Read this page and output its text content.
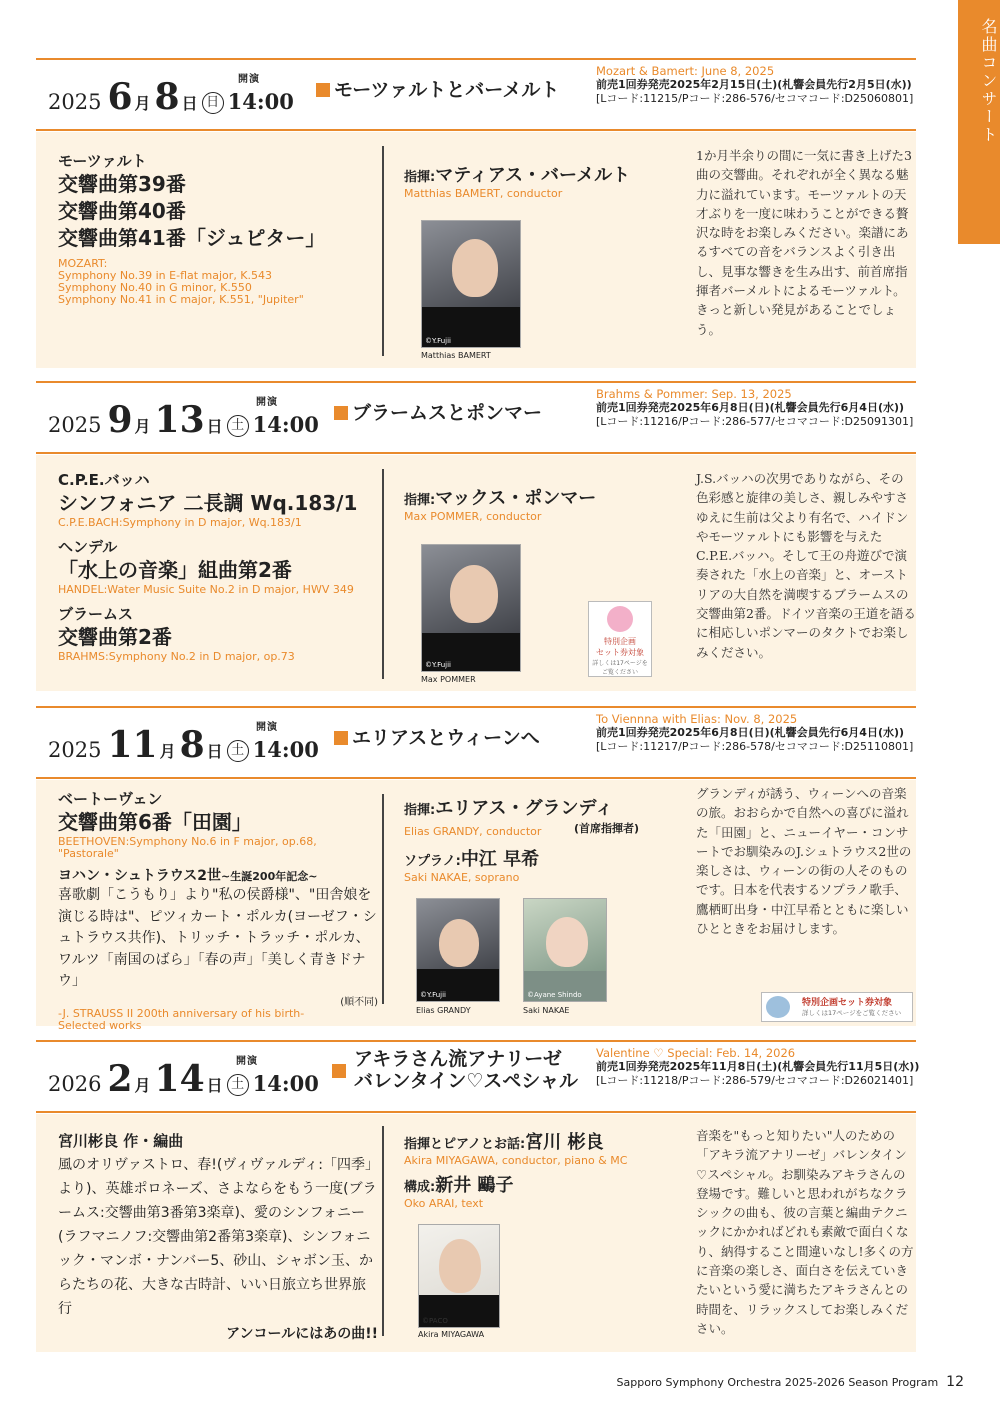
名曲コンサート
2025 6 月 8 日 日 14:00
開演	モーツァルトとバーメルト
Mozart & Bamert: June 8, 2025
前売1回券発売2025年2月15日(土)(札響会員先行2月5日(水))
[Lコード:11215/Pコード:286-576/セコマコード:D25060801]
モーツァルト
交響曲第39番
交響曲第40番
交響曲第41番「ジュピター」
MOZART:
Symphony No.39 in E-flat major, K.543
Symphony No.40 in G minor, K.550
Symphony No.41 in C major, K.551, "Jupiter"
指揮:マティアス・バーメルト
Matthias BAMERT, conductor
©Y.Fujii
Matthias BAMERT
1か月半余りの間に一気に書き上げた3曲の交響曲。それぞれが全く異なる魅力に溢れています。モーツァルトの天才ぶりを一度に味わうことができる贅沢な時をお楽しみください。楽譜にあるすべての音をバランスよく引き出し、見事な響きを生み出す、前首席指揮者バーメルトによるモーツァルト。きっと新しい発見があることでしょう。
2025 9 月 13 日 土 14:00
開演	ブラームスとポンマー
Brahms & Pommer: Sep. 13, 2025
前売1回券発売2025年6月8日(日)(札響会員先行6月4日(水))
[Lコード:11216/Pコード:286-577/セコマコード:D25091301]
C.P.E.バッハ
シンフォニア 二長調 Wq.183/1
C.P.E.BACH:Symphony in D major, Wq.183/1
ヘンデル
「水上の音楽」組曲第2番
HANDEL:Water Music Suite No.2 in D major, HWV 349
ブラームス
交響曲第2番
BRAHMS:Symphony No.2 in D major, op.73
指揮:マックス・ポンマー
Max POMMER, conductor
©Y.Fujii
Max POMMER
特別企画
セット券対象
詳しくは17ページを
ご覧ください
J.S.バッハの次男でありながら、その色彩感と旋律の美しさ、親しみやすさゆえに生前は父より有名で、ハイドンやモーツァルトにも影響を与えたC.P.E.バッハ。そして王の舟遊びで演奏された「水上の音楽」と、オーストリアの大自然を満喫するブラームスの交響曲第2番。ドイツ音楽の王道を語るに相応しいポンマーのタクトでお楽しみください。
2025 11 月 8 日 土 14:00
開演	エリアスとウィーンへ
To Viennna with Elias: Nov. 8, 2025
前売1回券発売2025年6月8日(日)(札響会員先行6月4日(水))
[Lコード:11217/Pコード:286-578/セコマコード:D25110801]
ベートーヴェン
交響曲第6番「田園」
BEETHOVEN:Symphony No.6 in F major, op.68, "Pastorale"
ヨハン・シュトラウス2世~生誕200年記念~
喜歌劇「こうもり」より"私の侯爵様"、"田舎娘を演じる時は"、ピツィカート・ポルカ(ヨーゼフ・シュトラウス共作)、トリッチ・トラッチ・ポルカ、ワルツ「南国のばら」「春の声」「美しく青きドナウ」
(順不同)
-J. STRAUSS II 200th anniversary of his birth-
Selected works
指揮:エリアス・グランディ
Elias GRANDY, conductor	(首席指揮者)
ソプラノ:中江 早希
Saki NAKAE, soprano
©Y.Fujii
Elias GRANDY
©Ayane Shindo
Saki NAKAE
特別企画セット券対象
詳しくは17ページをご覧ください
グランディが誘う、ウィーンへの音楽の旅。おおらかで自然への喜びに溢れた「田園」と、ニューイヤー・コンサートでお馴染みのJ.シュトラウス2世の楽しさは、ウィーンの街の人そのものです。日本を代表するソプラノ歌手、鷹栖町出身・中江早希とともに楽しいひとときをお届けします。
2026 2 月 14 日 土 14:00
開演	アキラさん流アナリーゼ
バレンタイン♡スペシャル
Valentine ♡ Special: Feb. 14, 2026
前売1回券発売2025年11月8日(土)(札響会員先行11月5日(水))
[Lコード:11218/Pコード:286-579/セコマコード:D26021401]
宮川彬良 作・編曲
風のオリヴァストロ、春!(ヴィヴァルディ:「四季」より)、英雄ポロネーズ、さよならをもう一度(ブラームス:交響曲第3番第3楽章)、愛のシンフォニー(ラフマニノフ:交響曲第2番第3楽章)、シンフォニック・マンボ・ナンバー5、砂山、シャボン玉、からたちの花、大きな古時計、いい日旅立ち世界旅行
アンコールにはあの曲!!
指揮とピアノとお話:宮川 彬良
Akira MIYAGAWA, conductor, piano & MC
構成:新井 鷗子
Oko ARAI, text
©PACO
Akira MIYAGAWA
音楽を"もっと知りたい"人のための「アキラ流アナリーゼ」バレンタイン♡スペシャル。お馴染みアキラさんの登場です。難しいと思われがちなクラシックの曲も、彼の言葉と編曲テクニックにかかればどれも素敵で面白くなり、納得すること間違いなし!多くの方に音楽の楽しさ、面白さを伝えていきたいという愛に満ちたアキラさんとの時間を、リラックスしてお楽しみください。
Sapporo Symphony Orchestra 2025-2026 Season Program 12
